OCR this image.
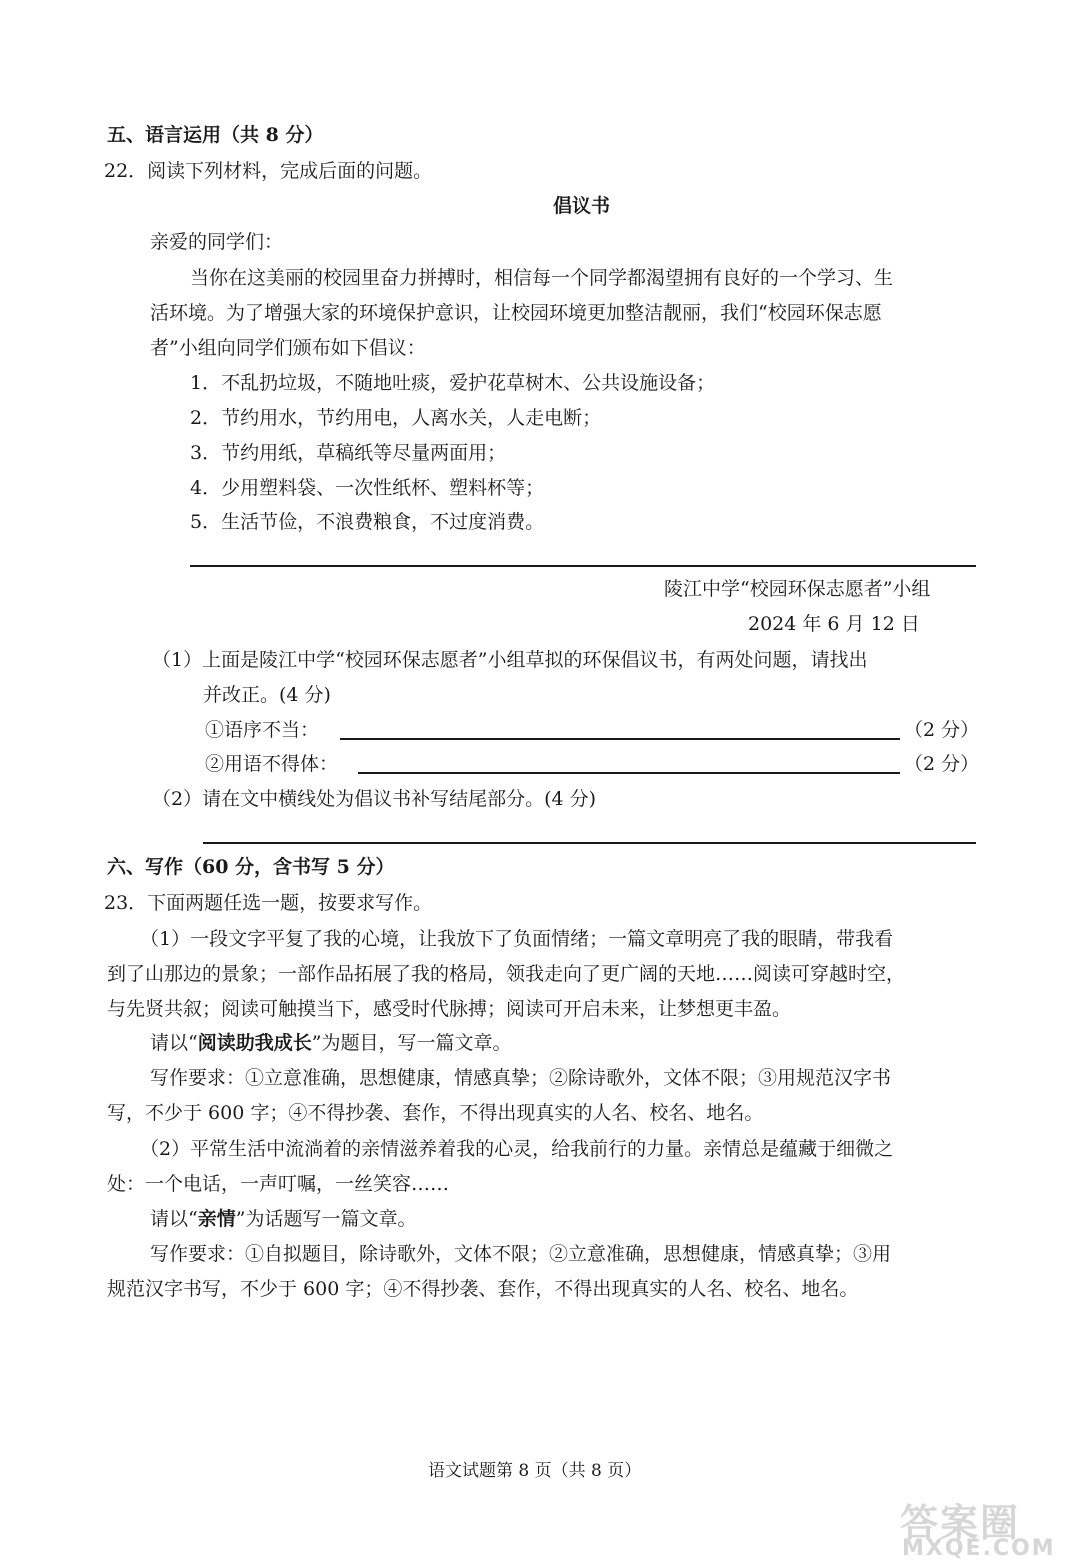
五、语言运用（共 8 分）
22．阅读下列材料，完成后面的问题。
倡议书
亲爱的同学们：
当你在这美丽的校园里奋力拼搏时，相信每一个同学都渴望拥有良好的一个学习、生
活环境。为了增强大家的环境保护意识，让校园环境更加整洁靓丽，我们“校园环保志愿
者”小组向同学们颁布如下倡议：
1．不乱扔垃圾，不随地吐痰，爱护花草树木、公共设施设备；
2．节约用水，节约用电，人离水关，人走电断；
3．节约用纸，草稿纸等尽量两面用；
4．少用塑料袋、一次性纸杯、塑料杯等；
5．生活节俭，不浪费粮食，不过度消费。
陵江中学“校园环保志愿者”小组
2024 年 6 月 12 日
（1）上面是陵江中学“校园环保志愿者”小组草拟的环保倡议书，有两处问题，请找出
并改正。(4 分)
①语序不当：	（2 分）
②用语不得体：	（2 分）
（2）请在文中横线处为倡议书补写结尾部分。(4 分)
六、写作（60 分，含书写 5 分）
23．下面两题任选一题，按要求写作。
（1）一段文字平复了我的心境，让我放下了负面情绪；一篇文章明亮了我的眼睛，带我看
到了山那边的景象；一部作品拓展了我的格局，领我走向了更广阔的天地……阅读可穿越时空，
与先贤共叙；阅读可触摸当下，感受时代脉搏；阅读可开启未来，让梦想更丰盈。
请以“阅读助我成长”为题目，写一篇文章。
写作要求：①立意准确，思想健康，情感真挚；②除诗歌外，文体不限；③用规范汉字书
写，不少于 600 字；④不得抄袭、套作，不得出现真实的人名、校名、地名。
（2）平常生活中流淌着的亲情滋养着我的心灵，给我前行的力量。亲情总是蕴藏于细微之
处：一个电话，一声叮嘱，一丝笑容……
请以“亲情”为话题写一篇文章。
写作要求：①自拟题目，除诗歌外，文体不限；②立意准确，思想健康，情感真挚；③用
规范汉字书写，不少于 600 字；④不得抄袭、套作，不得出现真实的人名、校名、地名。
语文试题第 8 页（共 8 页）
答案圈
MXQE.COM
